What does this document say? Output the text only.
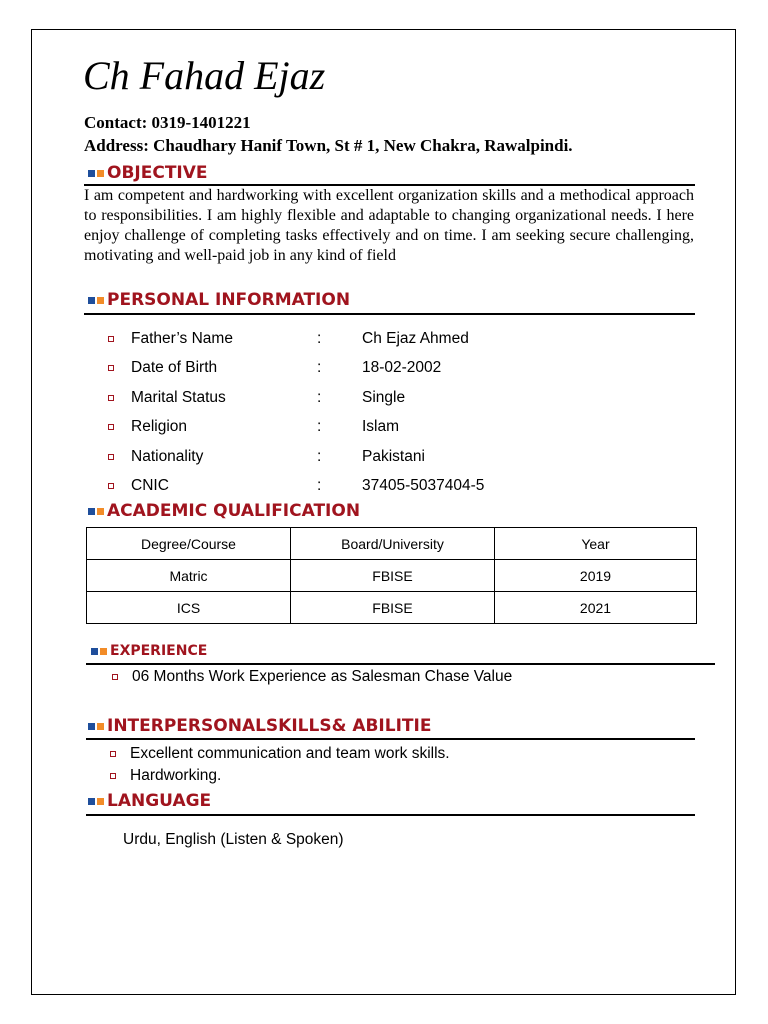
Ch Fahad Ejaz
Contact: 0319-1401221
Address: Chaudhary Hanif Town, St # 1, New Chakra, Rawalpindi.
OBJECTIVE
I am competent and hardworking with excellent organization skills and a methodical approach to responsibilities. I am highly flexible and adaptable to changing organizational needs. I here enjoy challenge of completing tasks effectively and on time. I am seeking secure challenging, motivating and well-paid job in any kind of field
PERSONAL INFORMATION
Father’s Name	:	Ch Ejaz Ahmed
Date of Birth	:	18-02-2002
Marital Status	:	Single
Religion	:	Islam
Nationality	:	Pakistani
CNIC	:	37405-5037404-5
ACADEMIC QUALIFICATION
Degree/Course	Board/University	Year
Matric	FBISE	2019
ICS	FBISE	2021
EXPERIENCE
06 Months Work Experience as Salesman Chase Value
INTERPERSONALSKILLS& ABILITIE
Excellent communication and team work skills.
Hardworking.
LANGUAGE
Urdu, English (Listen & Spoken)
